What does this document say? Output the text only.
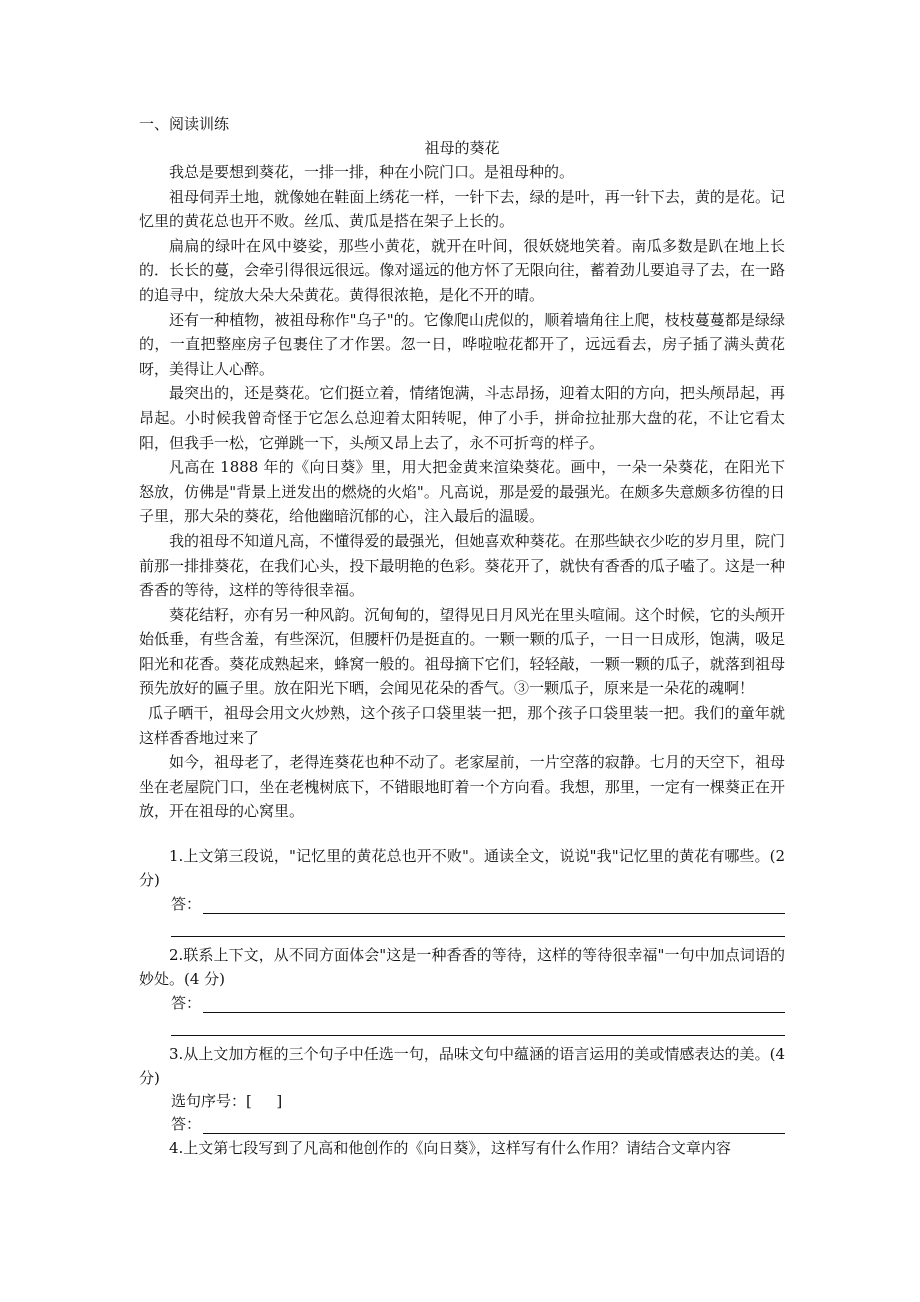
一、阅读训练

祖母的葵花

我总是要想到葵花，一排一排，种在小院门口。是祖母种的。

祖母伺弄土地，就像她在鞋面上绣花一样，一针下去，绿的是叶，再一针下去，黄的是花。记忆里的黄花总也开不败。丝瓜、黄瓜是搭在架子上长的。

扁扁的绿叶在风中婆娑，那些小黄花，就开在叶间，很妖娆地笑着。南瓜多数是趴在地上长的．长长的蔓，会牵引得很远很远。像对遥远的他方怀了无限向往，蓄着劲儿要追寻了去，在一路的追寻中，绽放大朵大朵黄花。黄得很浓艳，是化不开的晴。

还有一种植物，被祖母称作"乌子"的。它像爬山虎似的，顺着墙角往上爬，枝枝蔓蔓都是绿绿的，一直把整座房子包裹住了才作罢。忽一日，哗啦啦花都开了，远远看去，房子插了满头黄花呀，美得让人心醉。

最突出的，还是葵花。它们挺立着，情绪饱满，斗志昂扬，迎着太阳的方向，把头颅昂起，再昂起。小时候我曾奇怪于它怎么总迎着太阳转呢，伸了小手，拼命拉扯那大盘的花，不让它看太阳，但我手一松，它弹跳一下，头颅又昂上去了，永不可折弯的样子。

凡高在 1888 年的《向日葵》里，用大把金黄来渲染葵花。画中，一朵一朵葵花，在阳光下怒放，仿佛是"背景上迸发出的燃烧的火焰"。凡高说，那是爱的最强光。在颇多失意颇多彷徨的日子里，那大朵的葵花，给他幽暗沉郁的心，注入最后的温暖。

我的祖母不知道凡高，不懂得爱的最强光，但她喜欢种葵花。在那些缺衣少吃的岁月里，院门前那一排排葵花，在我们心头，投下最明艳的色彩。葵花开了，就快有香香的瓜子嗑了。这是一种香香的等待，这样的等待很幸福。

葵花结籽，亦有另一种风韵。沉甸甸的，望得见日月风光在里头喧闹。这个时候，它的头颅开始低垂，有些含羞，有些深沉，但腰杆仍是挺直的。一颗一颗的瓜子，一日一日成形，饱满，吸足阳光和花香。葵花成熟起来，蜂窝一般的。祖母摘下它们，轻轻敲，一颗一颗的瓜子，就落到祖母预先放好的匾子里。放在阳光下晒，会闻见花朵的香气。③一颗瓜子，原来是一朵花的魂啊！

瓜子晒干，祖母会用文火炒熟，这个孩子口袋里装一把，那个孩子口袋里装一把。我们的童年就这样香香地过来了

如今，祖母老了，老得连葵花也种不动了。老家屋前，一片空落的寂静。七月的天空下，祖母坐在老屋院门口，坐在老槐树底下，不错眼地盯着一个方向看。我想，那里，一定有一棵葵正在开放，开在祖母的心窝里。

1.上文第三段说，"记忆里的黄花总也开不败"。通读全文，说说"我"记忆里的黄花有哪些。(2 分)

答：

2.联系上下文，从不同方面体会"这是一种香香的等待，这样的等待很幸福"一句中加点词语的妙处。(4 分)

答：

3.从上文加方框的三个句子中任选一句，品味文句中蕴涵的语言运用的美或情感表达的美。(4 分)

选句序号：[ 　 ]
答：

4.上文第七段写到了凡高和他创作的《向日葵》，这样写有什么作用？请结合文章内容
